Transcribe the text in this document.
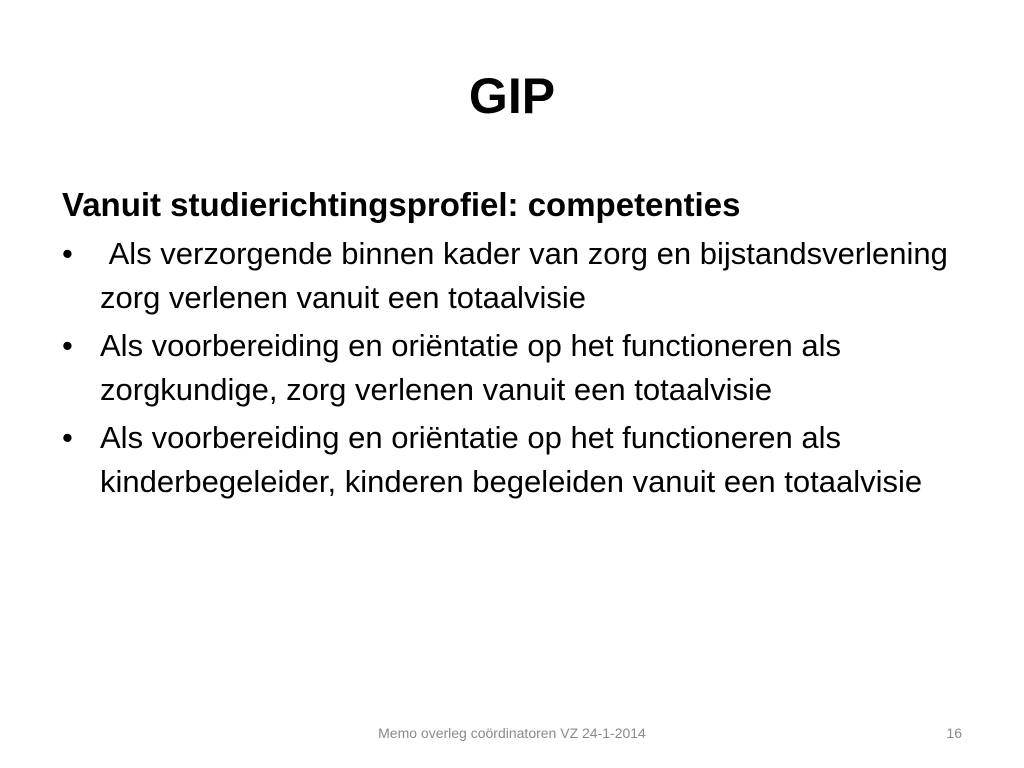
GIP
Vanuit studierichtingsprofiel: competenties
• Als verzorgende binnen kader van zorg en bijstandsverlening zorg verlenen vanuit een totaalvisie
• Als voorbereiding en oriëntatie op het functioneren als zorgkundige, zorg verlenen vanuit een totaalvisie
• Als voorbereiding en oriëntatie op het functioneren als kinderbegeleider, kinderen begeleiden vanuit een totaalvisie
Memo overleg coördinatoren VZ 24-1-2014	16
